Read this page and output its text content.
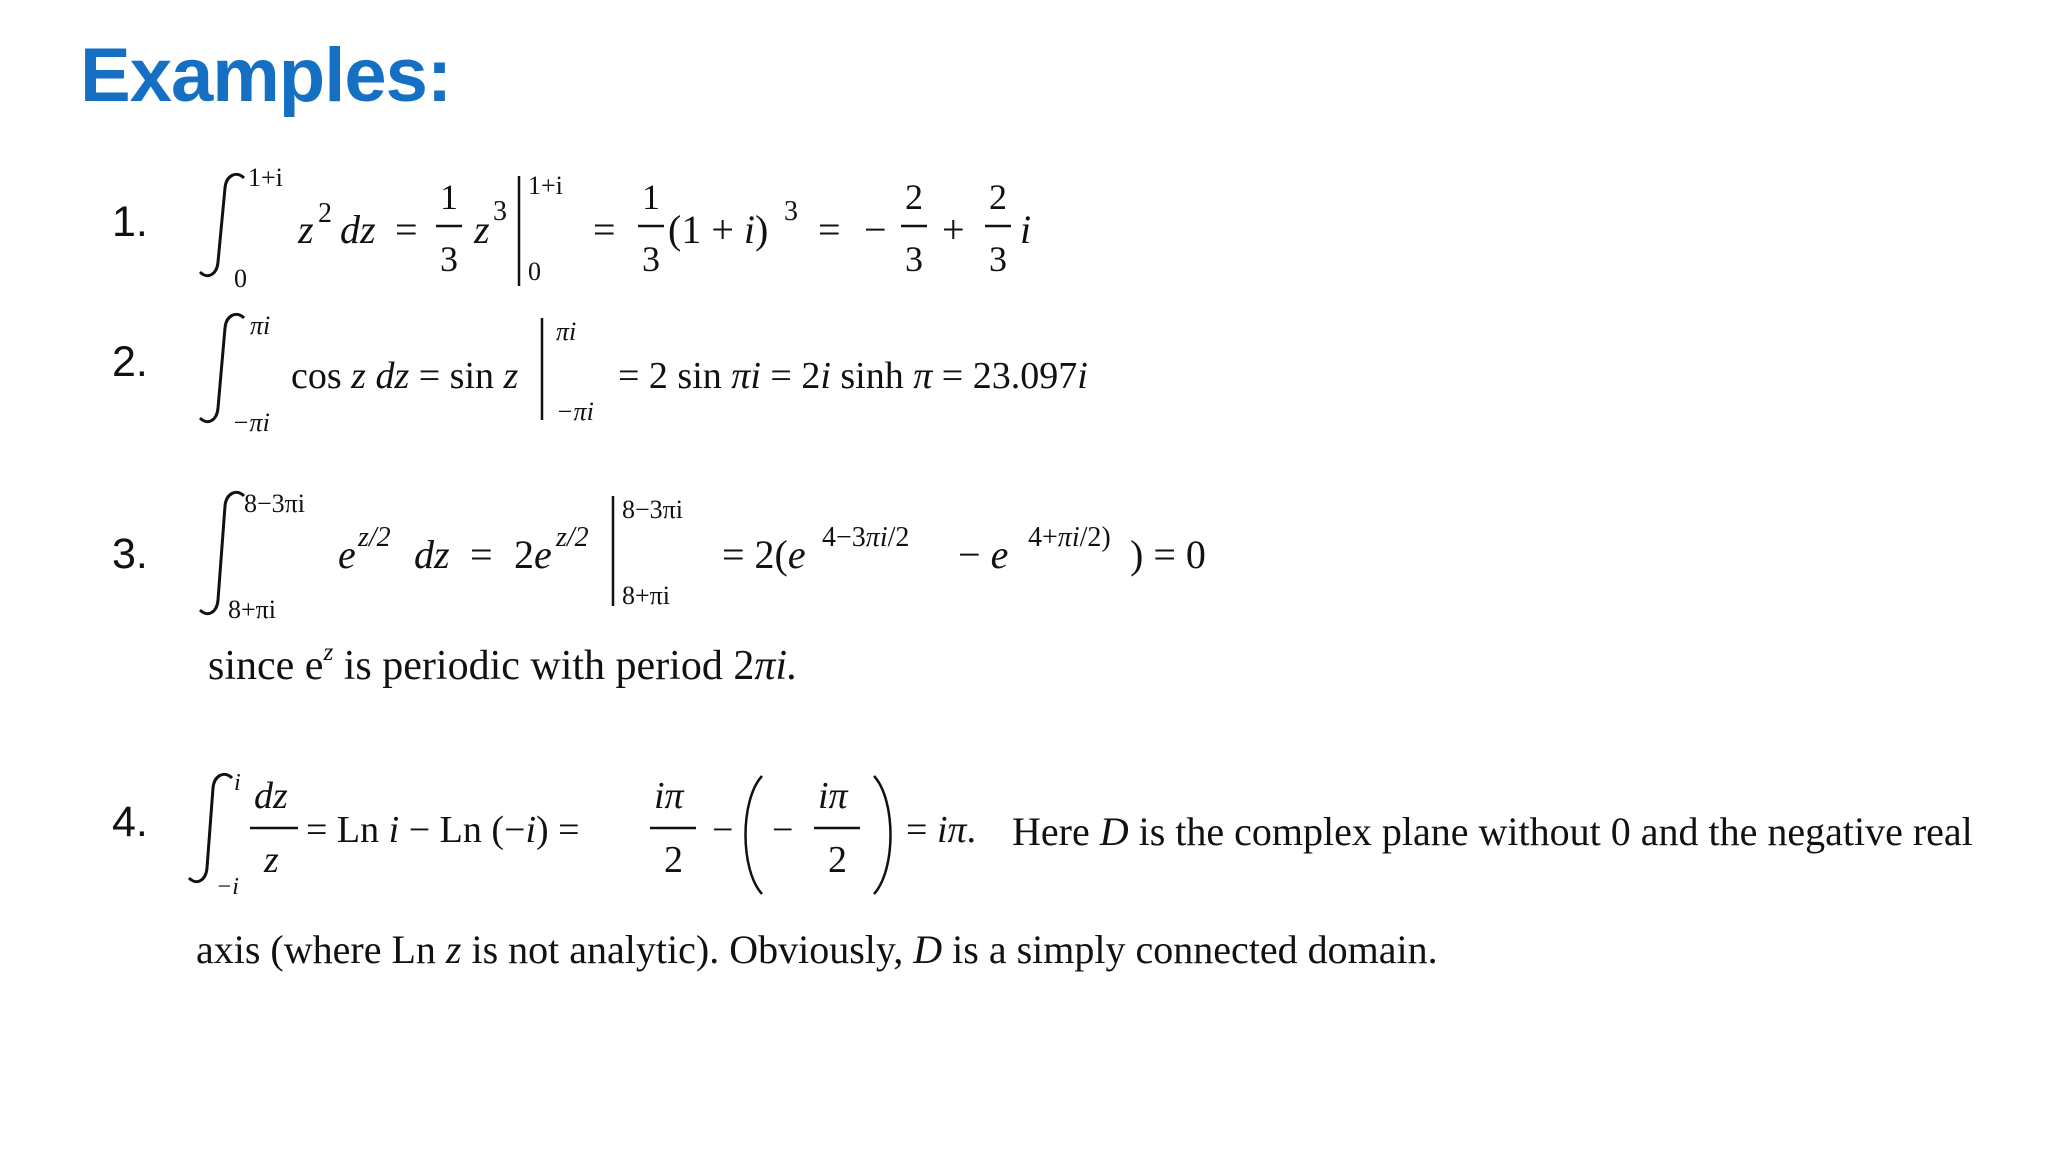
Examples:
1.
2.
3.
4.
1+i
0
z 2 dz =
1
3
z 3
1+i
0
=
1
3
(1 + i) 3 = −
2
3
+
2
3
i
πi
−πi
cos z dz = sin z
πi
−πi
= 2 sin πi = 2i sinh π = 23.097i
8−3πi
8+πi
e z/2 dz = 2e z/2
8−3πi
8+πi
= 2(e 4−3πi/2 − e 4+πi/2) ) = 0
i
−i
dz
z
= Ln i − Ln (−i) =
iπ
2
− −
iπ
2
= iπ.
since $e^z$ is periodic with period 2πi.
Here D is the complex plane without 0 and the negative real
axis (where Ln z is not analytic). Obviously, D is a simply connected domain.
